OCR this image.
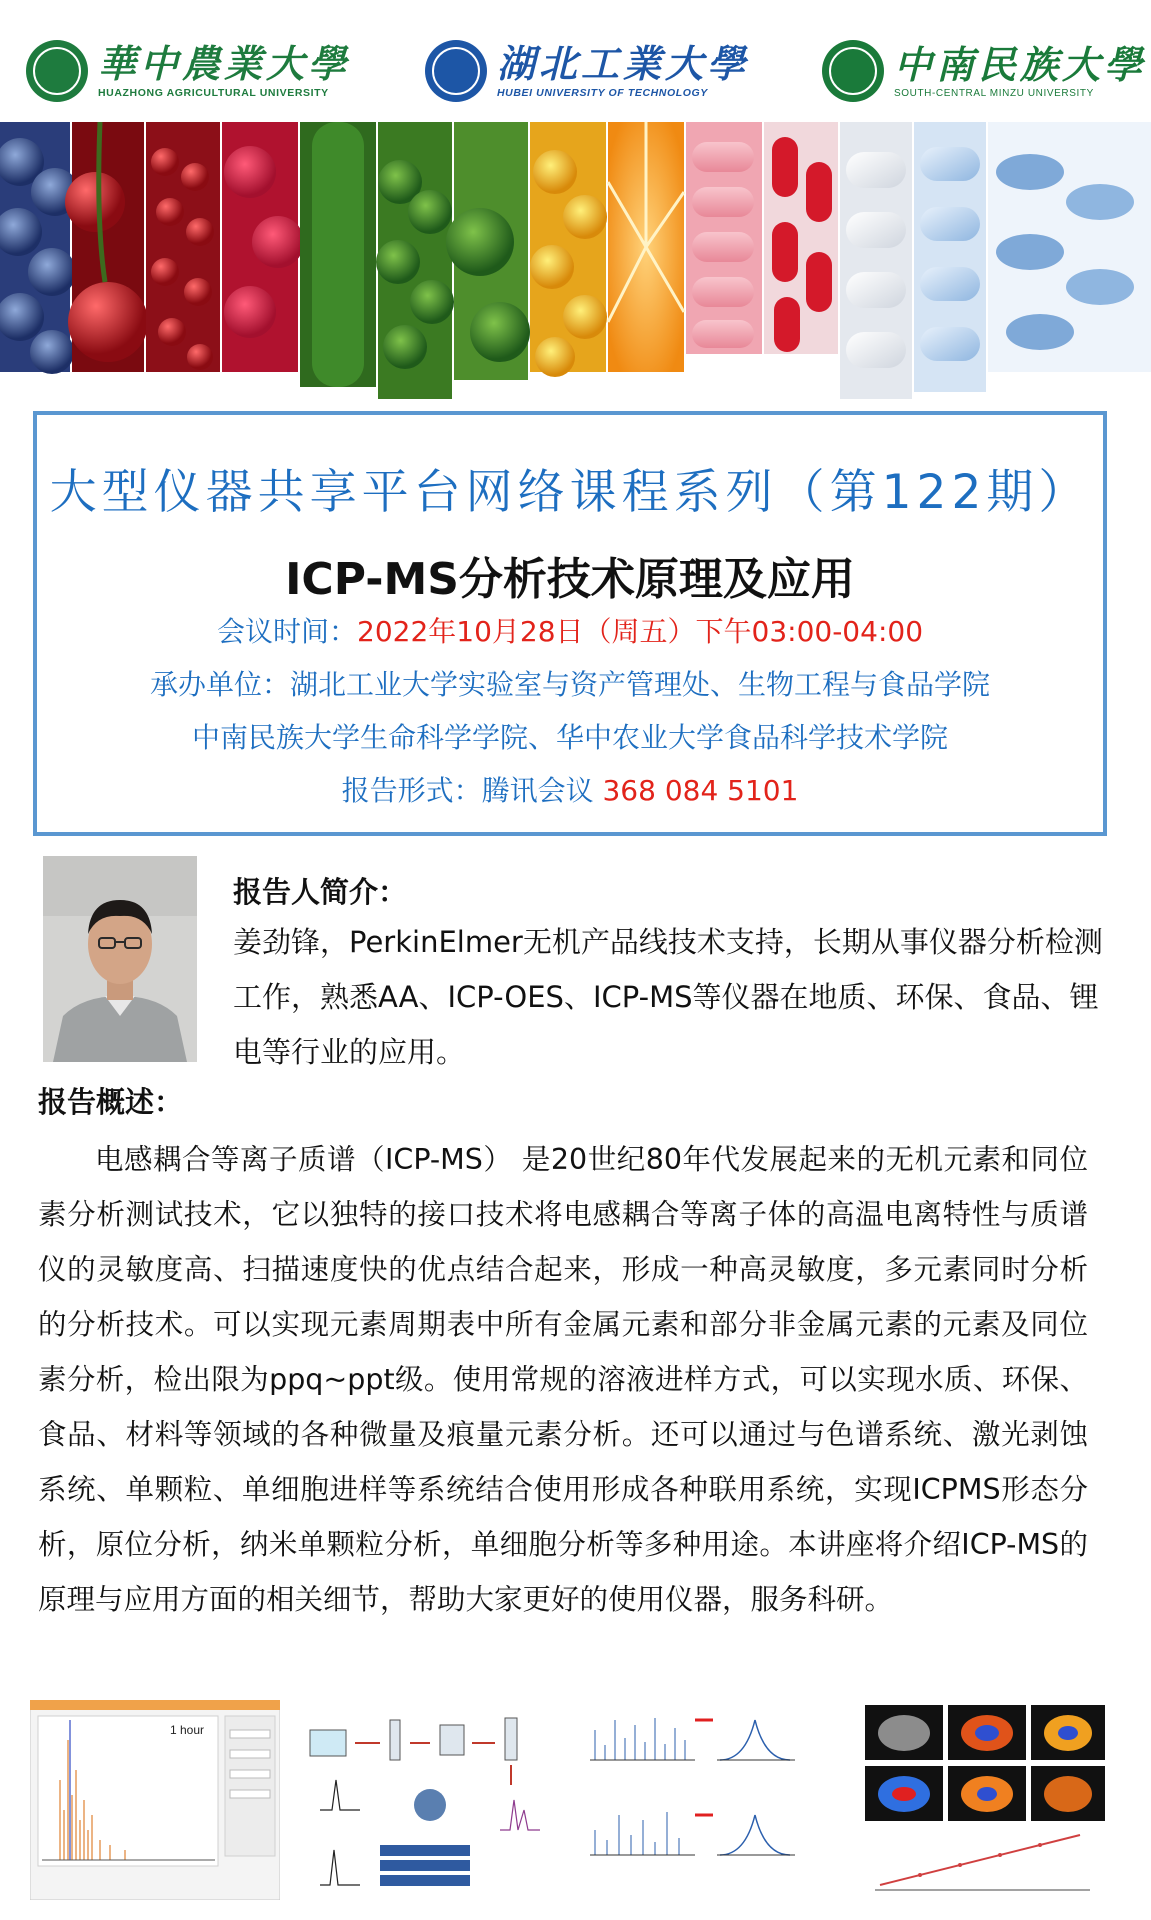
華中農業大學
HUAZHONG AGRICULTURAL UNIVERSITY
湖北工業大學
HUBEI UNIVERSITY OF TECHNOLOGY
中南民族大學
SOUTH-CENTRAL MINZU UNIVERSITY
大型仪器共享平台网络课程系列（第122期）
ICP-MS分析技术原理及应用
会议时间：2022年10月28日（周五）下午03:00-04:00
承办单位：湖北工业大学实验室与资产管理处、生物工程与食品学院
中南民族大学生命科学学院、华中农业大学食品科学技术学院
报告形式：腾讯会议 368 084 5101
报告人简介：
姜劲锋，PerkinElmer无机产品线技术支持，长期从事仪器分析检测工作，熟悉AA、ICP-OES、ICP-MS等仪器在地质、环保、食品、锂电等行业的应用。
报告概述：
电感耦合等离子质谱（ICP-MS） 是20世纪80年代发展起来的无机元素和同位素分析测试技术，它以独特的接口技术将电感耦合等离子体的高温电离特性与质谱仪的灵敏度高、扫描速度快的优点结合起来，形成一种高灵敏度，多元素同时分析的分析技术。可以实现元素周期表中所有金属元素和部分非金属元素的元素及同位素分析，检出限为ppq~ppt级。使用常规的溶液进样方式，可以实现水质、环保、食品、材料等领域的各种微量及痕量元素分析。还可以通过与色谱系统、激光剥蚀系统、单颗粒、单细胞进样等系统结合使用形成各种联用系统，实现ICPMS形态分析，原位分析，纳米单颗粒分析，单细胞分析等多种用途。本讲座将介绍ICP-MS的原理与应用方面的相关细节，帮助大家更好的使用仪器，服务科研。
1 hour
